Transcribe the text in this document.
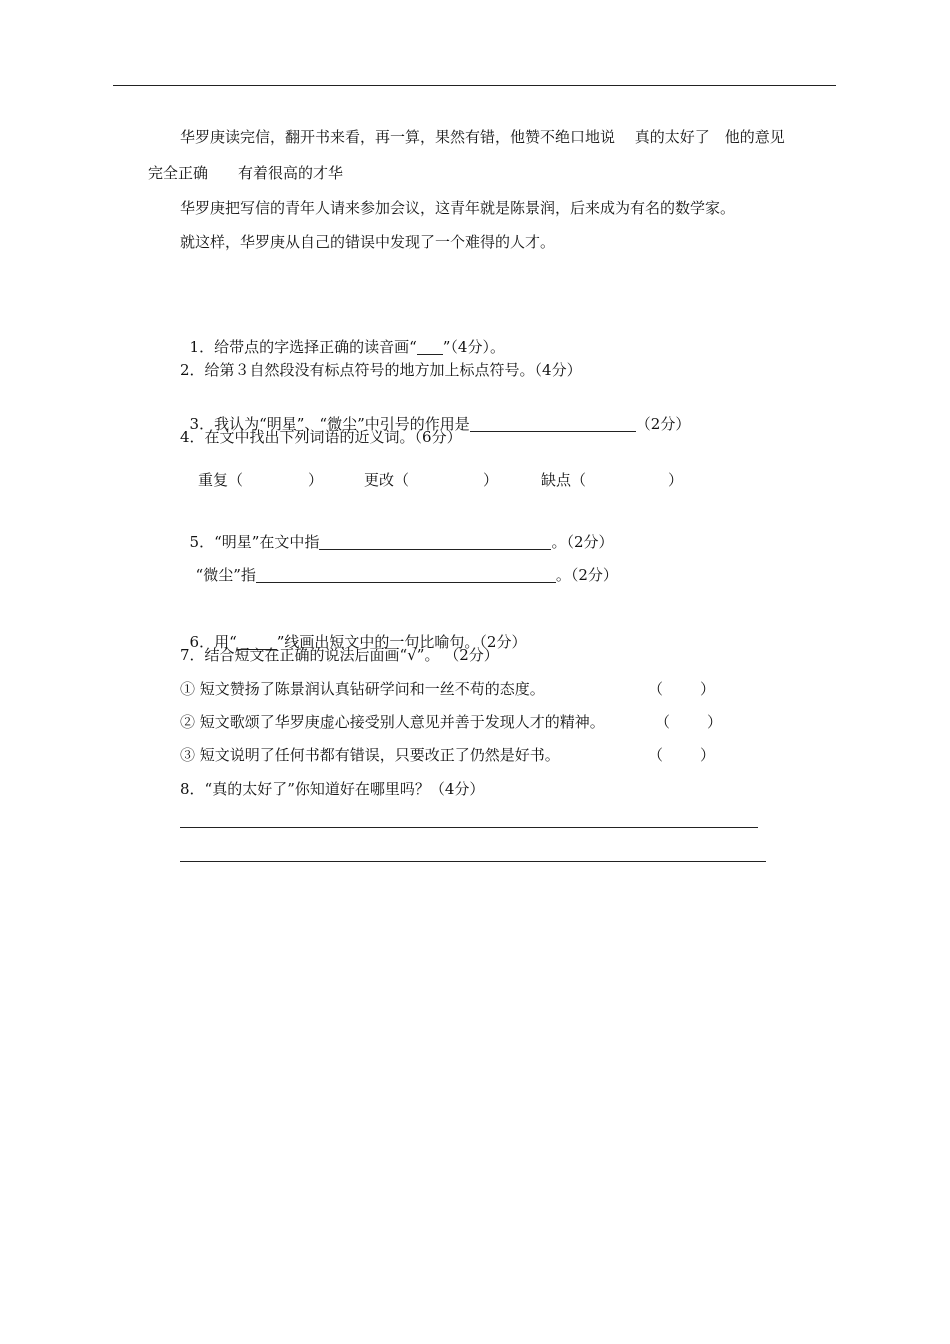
华罗庚读完信，翻开书来看，再一算，果然有错，他赞不绝口地说　 真的太好了　他的意见
完全正确　　有着很高的才华
华罗庚把写信的青年人请来参加会议，这青年就是陈景润，后来成为有名的数学家。
就这样，华罗庚从自己的错误中发现了一个难得的人才。

1．给带点的字选择正确的读音画“ ”（4分）。

2．给第３自然段没有标点符号的地方加上标点符号。（4分）

3．我认为“明星”、“微尘”中引号的作用是	（2分）

4．在文中找出下列词语的近义词。（6分）
重复（	）	更改（	）	缺点（	）

5．“明星”在文中指	。（2分）

“微尘”指	。（2分）

6．用“	”线画出短文中的一句比喻句。（2分）

7．结合短文在正确的说法后面画“√”。 （2分）
① 短文赞扬了陈景润认真钻研学问和一丝不苟的态度。	（ ）
② 短文歌颂了华罗庚虚心接受别人意见并善于发现人才的精神。	（ ）
③ 短文说明了任何书都有错误，只要改正了仍然是好书。	（ ）
8．“真的太好了”你知道好在哪里吗？（4分）
